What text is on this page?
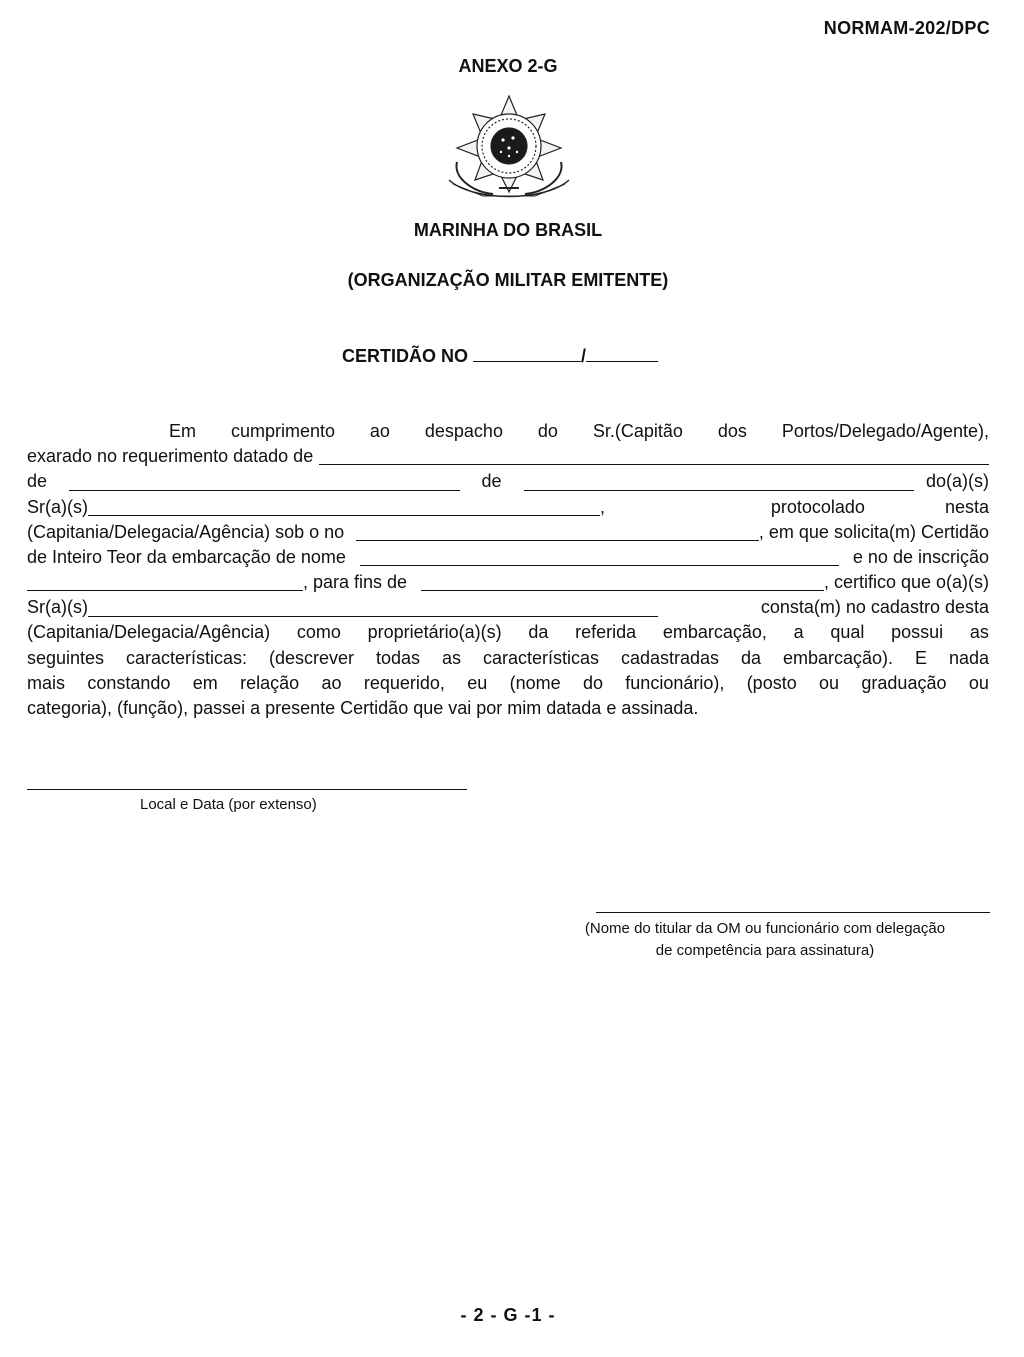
NORMAM-202/DPC
ANEXO 2-G
MARINHA DO BRASIL
(ORGANIZAÇÃO MILITAR EMITENTE)
CERTIDÃO NO	/
Em cumprimento ao despacho do Sr.(Capitão dos Portos/Delegado/Agente),
exarado no requerimento datado de
de	de	do(a)(s)
Sr(a)(s)	,	protocolado	nesta
(Capitania/Delegacia/Agência) sob o no	, em que solicita(m) Certidão
de Inteiro Teor da embarcação de nome	e no de inscrição
, para fins de	, certifico que o(a)(s)
Sr(a)(s)	consta(m) no cadastro desta
(Capitania/Delegacia/Agência) como proprietário(a)(s) da referida embarcação, a qual possui as
seguintes características: (descrever todas as características cadastradas da embarcação). E nada
mais constando em relação ao requerido, eu (nome do funcionário), (posto ou graduação ou
categoria), (função), passei a presente Certidão que vai por mim datada e assinada.
Local e Data (por extenso)
(Nome do titular da OM ou funcionário com delegação
de competência para assinatura)
- 2 - G -1 -
